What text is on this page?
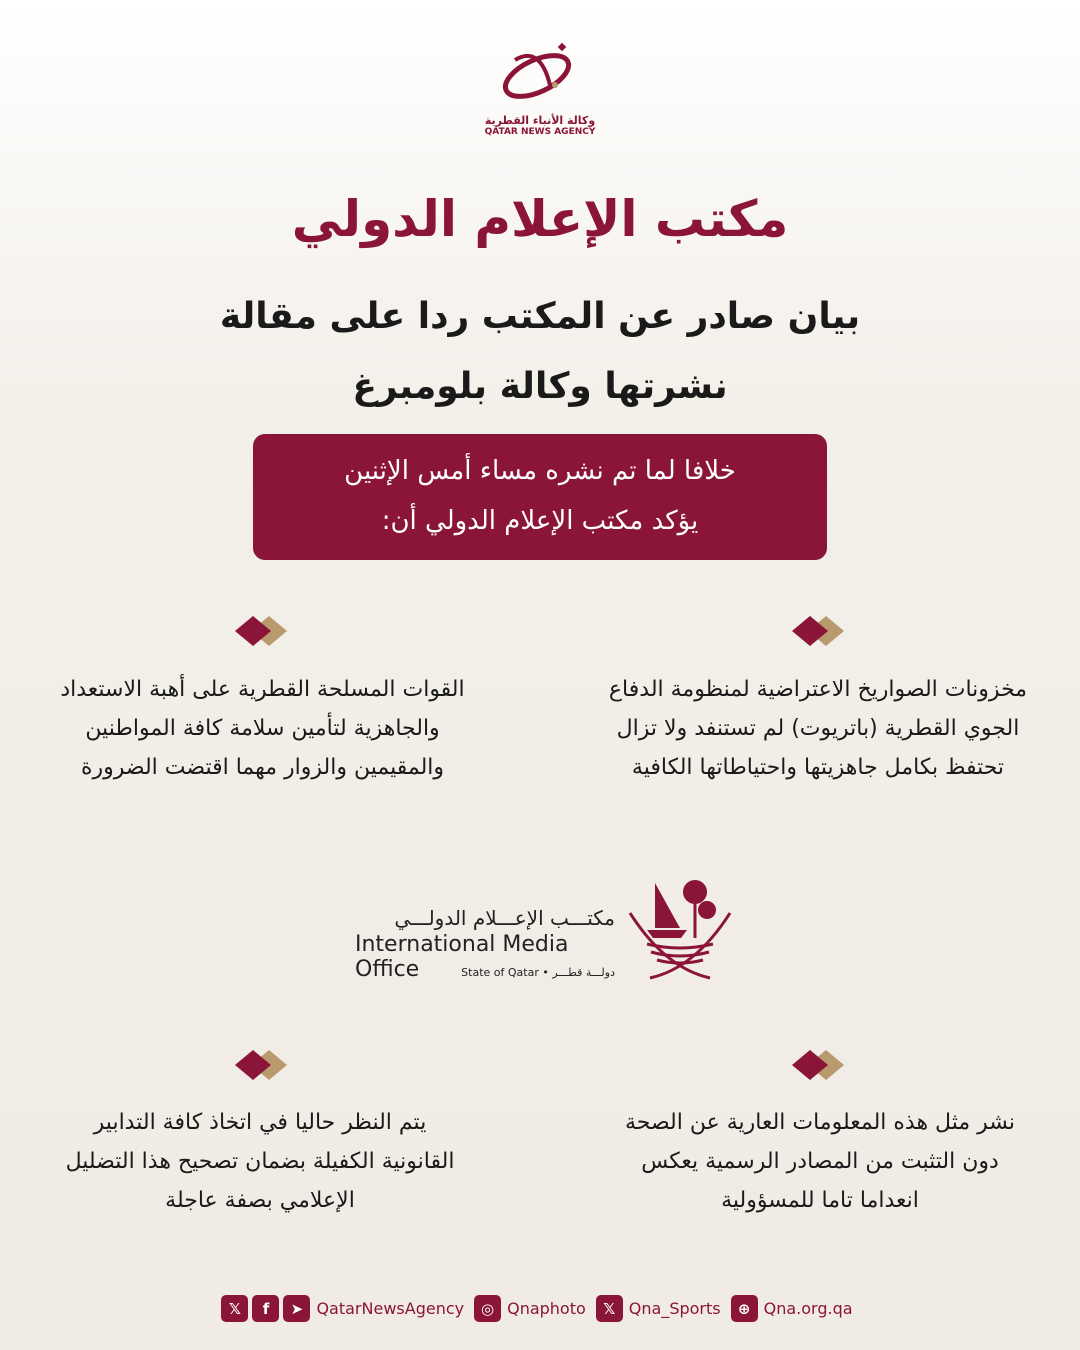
وكالة الأنباء القطرية
QATAR NEWS AGENCY
مكتب الإعلام الدولي
بيان صادر عن المكتب ردا على مقالة
نشرتها وكالة بلومبرغ
خلافا لما تم نشره مساء أمس الإثنين
يؤكد مكتب الإعلام الدولي أن:
مخزونات الصواريخ الاعتراضية لمنظومة الدفاع الجوي القطرية (باتريوت) لم تستنفد ولا تزال تحتفظ بكامل جاهزيتها واحتياطاتها الكافية
القوات المسلحة القطرية على أهبة الاستعداد والجاهزية لتأمين سلامة كافة المواطنين والمقيمين والزوار مهما اقتضت الضرورة
نشر مثل هذه المعلومات العارية عن الصحة دون التثبت من المصادر الرسمية يعكس انعداما تاما للمسؤولية
يتم النظر حاليا في اتخاذ كافة التدابير القانونية الكفيلة بضمان تصحيح هذا التضليل الإعلامي بصفة عاجلة
مكتـــب الإعـــلام الدولـــي
International Media Office	State of Qatar • دولـــة قطـــر
𝕏	f	➤ QatarNewsAgency	◎ Qnaphoto	𝕏 Qna_Sports	⊕ Qna.org.qa
